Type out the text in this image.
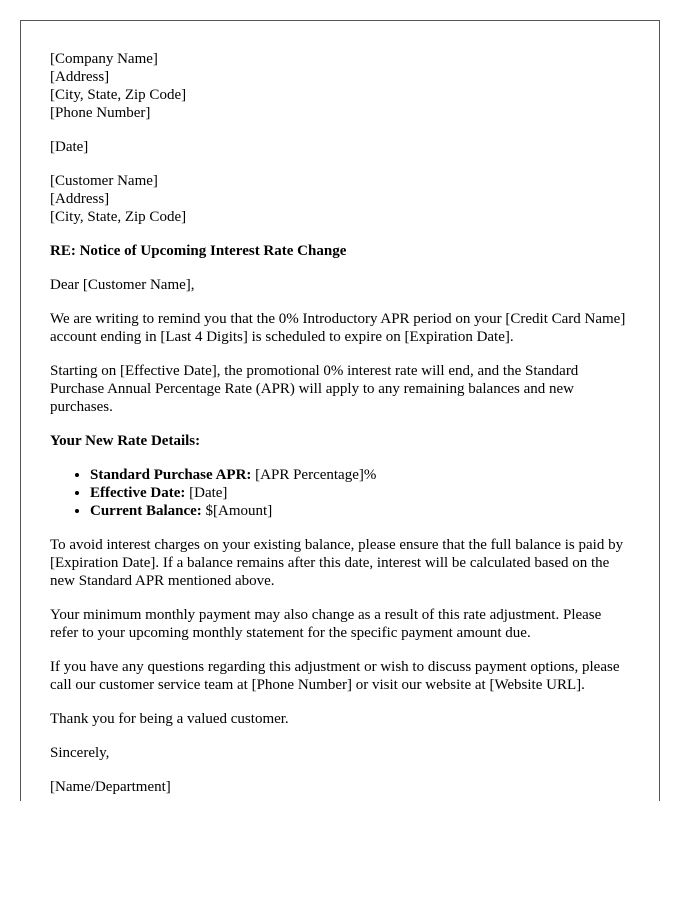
[Company Name]
[Address]
[City, State, Zip Code]
[Phone Number]

[Date]

[Customer Name]
[Address]
[City, State, Zip Code]
RE: Notice of Upcoming Interest Rate Change

Dear [Customer Name],

We are writing to remind you that the 0% Introductory APR period on your [Credit Card Name] account ending in [Last 4 Digits] is scheduled to expire on [Expiration Date].

Starting on [Effective Date], the promotional 0% interest rate will end, and the Standard Purchase Annual Percentage Rate (APR) will apply to any remaining balances and new purchases.

Your New Rate Details:
• Standard Purchase APR: [APR Percentage]%
• Effective Date: [Date]
• Current Balance: $[Amount]

To avoid interest charges on your existing balance, please ensure that the full balance is paid by [Expiration Date]. If a balance remains after this date, interest will be calculated based on the new Standard APR mentioned above.

Your minimum monthly payment may also change as a result of this rate adjustment. Please refer to your upcoming monthly statement for the specific payment amount due.

If you have any questions regarding this adjustment or wish to discuss payment options, please call our customer service team at [Phone Number] or visit our website at [Website URL].

Thank you for being a valued customer.

Sincerely,

[Name/Department]
